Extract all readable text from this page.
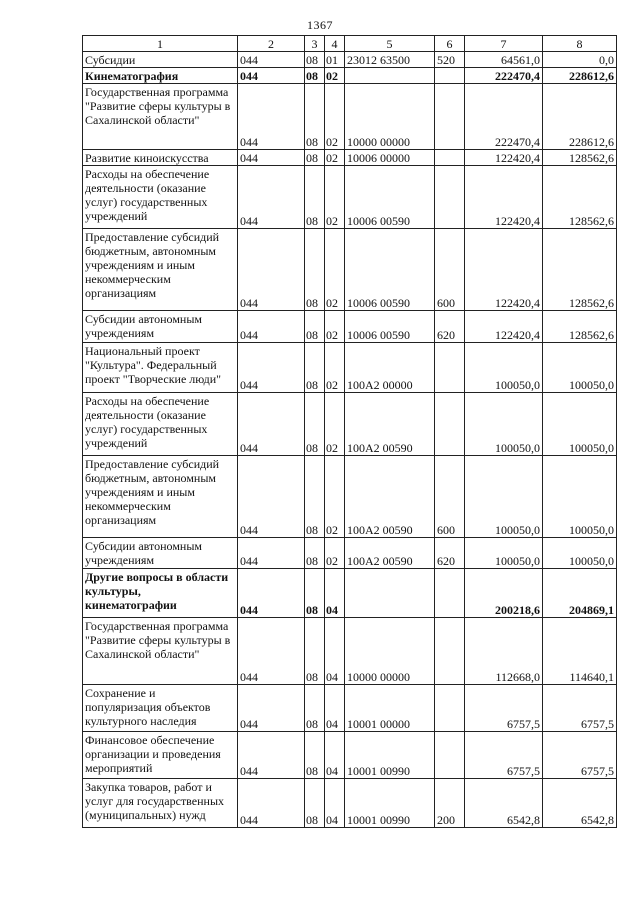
1367
1	2	3	4	5	6	7	8
Субсидии	044	08	01	23012 63500	520	64561,0	0,0
Кинематография	044	08	02			222470,4	228612,6
Государственная программа "Развитие сферы культуры в Сахалинской области"	044	08	02	10000 00000		222470,4	228612,6
Развитие киноискусства	044	08	02	10006 00000		122420,4	128562,6
Расходы на обеспечение деятельности (оказание услуг) государственных учреждений	044	08	02	10006 00590		122420,4	128562,6
Предоставление субсидий бюджетным, автономным учреждениям и иным некоммерческим организациям	044	08	02	10006 00590	600	122420,4	128562,6
Субсидии автономным учреждениям	044	08	02	10006 00590	620	122420,4	128562,6
Национальный проект "Культура". Федеральный проект "Творческие люди"	044	08	02	100А2 00000		100050,0	100050,0
Расходы на обеспечение деятельности (оказание услуг) государственных учреждений	044	08	02	100А2 00590		100050,0	100050,0
Предоставление субсидий бюджетным, автономным учреждениям и иным некоммерческим организациям	044	08	02	100А2 00590	600	100050,0	100050,0
Субсидии автономным учреждениям	044	08	02	100А2 00590	620	100050,0	100050,0
Другие вопросы в области культуры, кинематографии	044	08	04			200218,6	204869,1
Государственная программа "Развитие сферы культуры в Сахалинской области"	044	08	04	10000 00000		112668,0	114640,1
Сохранение и популяризация объектов культурного наследия	044	08	04	10001 00000		6757,5	6757,5
Финансовое обеспечение организации и проведения мероприятий	044	08	04	10001 00990		6757,5	6757,5
Закупка товаров, работ и услуг для государственных (муниципальных) нужд	044	08	04	10001 00990	200	6542,8	6542,8
